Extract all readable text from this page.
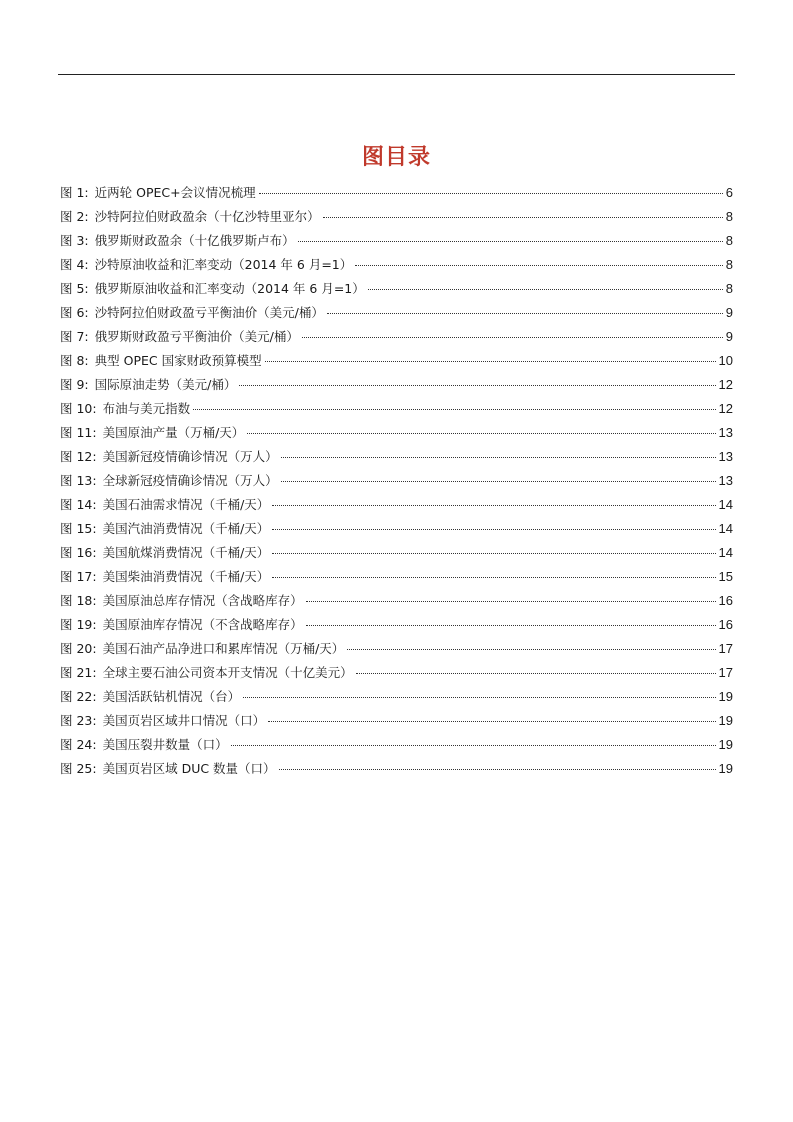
图目录
图 1: 近两轮 OPEC+会议情况梳理	6
图 2: 沙特阿拉伯财政盈余（十亿沙特里亚尔）	8
图 3: 俄罗斯财政盈余（十亿俄罗斯卢布）	8
图 4: 沙特原油收益和汇率变动（2014 年 6 月=1）	8
图 5: 俄罗斯原油收益和汇率变动（2014 年 6 月=1）	8
图 6: 沙特阿拉伯财政盈亏平衡油价（美元/桶）	9
图 7: 俄罗斯财政盈亏平衡油价（美元/桶）	9
图 8: 典型 OPEC 国家财政预算模型	10
图 9: 国际原油走势（美元/桶）	12
图 10: 布油与美元指数	12
图 11: 美国原油产量（万桶/天）	13
图 12: 美国新冠疫情确诊情况（万人）	13
图 13: 全球新冠疫情确诊情况（万人）	13
图 14: 美国石油需求情况（千桶/天）	14
图 15: 美国汽油消费情况（千桶/天）	14
图 16: 美国航煤消费情况（千桶/天）	14
图 17: 美国柴油消费情况（千桶/天）	15
图 18: 美国原油总库存情况（含战略库存）	16
图 19: 美国原油库存情况（不含战略库存）	16
图 20: 美国石油产品净进口和累库情况（万桶/天）	17
图 21: 全球主要石油公司资本开支情况（十亿美元）	17
图 22: 美国活跃钻机情况（台）	19
图 23: 美国页岩区域井口情况（口）	19
图 24: 美国压裂井数量（口）	19
图 25: 美国页岩区域 DUC 数量（口）	19
